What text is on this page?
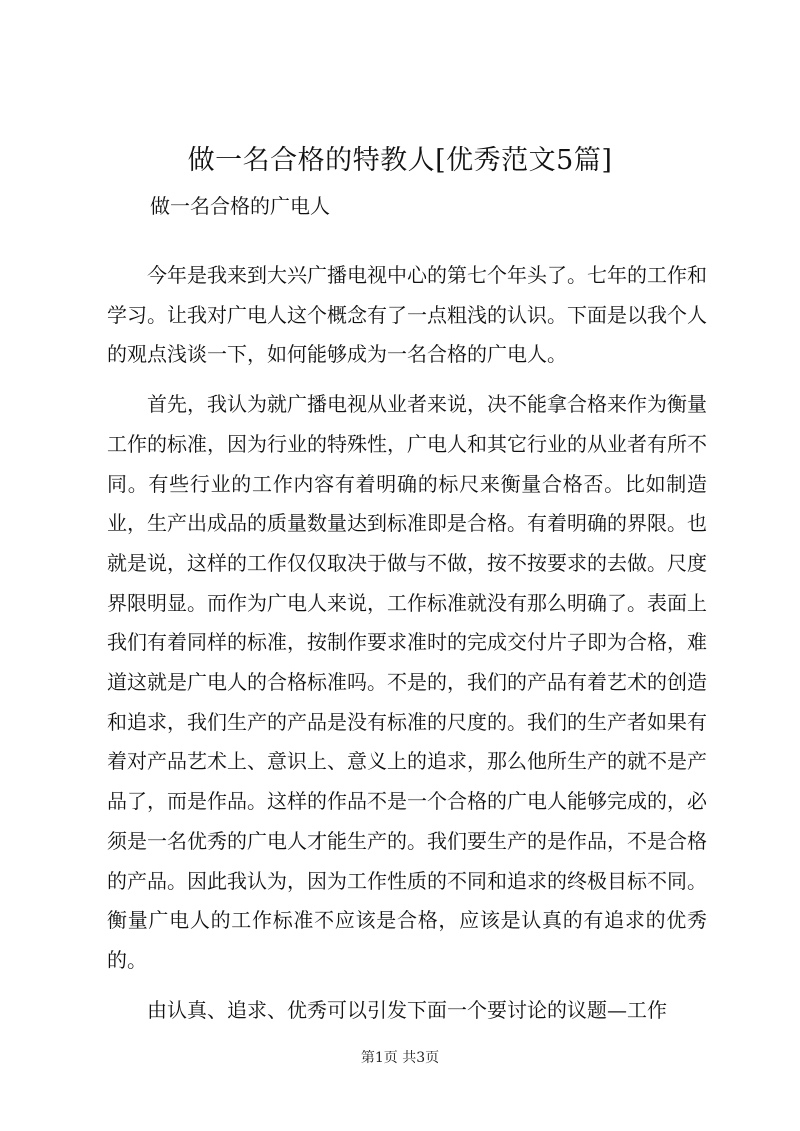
做一名合格的特教人[优秀范文5篇]
做一名合格的广电人

今年是我来到大兴广播电视中心的第七个年头了。七年的工作和学习。让我对广电人这个概念有了一点粗浅的认识。下面是以我个人的观点浅谈一下，如何能够成为一名合格的广电人。

首先，我认为就广播电视从业者来说，决不能拿合格来作为衡量工作的标准，因为行业的特殊性，广电人和其它行业的从业者有所不同。有些行业的工作内容有着明确的标尺来衡量合格否。比如制造业，生产出成品的质量数量达到标准即是合格。有着明确的界限。也就是说，这样的工作仅仅取决于做与不做，按不按要求的去做。尺度界限明显。而作为广电人来说，工作标准就没有那么明确了。表面上我们有着同样的标准，按制作要求准时的完成交付片子即为合格，难道这就是广电人的合格标准吗。不是的，我们的产品有着艺术的创造和追求，我们生产的产品是没有标准的尺度的。我们的生产者如果有着对产品艺术上、意识上、意义上的追求，那么他所生产的就不是产品了，而是作品。这样的作品不是一个合格的广电人能够完成的，必须是一名优秀的广电人才能生产的。我们要生产的是作品，不是合格的产品。因此我认为，因为工作性质的不同和追求的终极目标不同。衡量广电人的工作标准不应该是合格，应该是认真的有追求的优秀的。

由认真、追求、优秀可以引发下面一个要讨论的议题—工作

第1页 共3页
